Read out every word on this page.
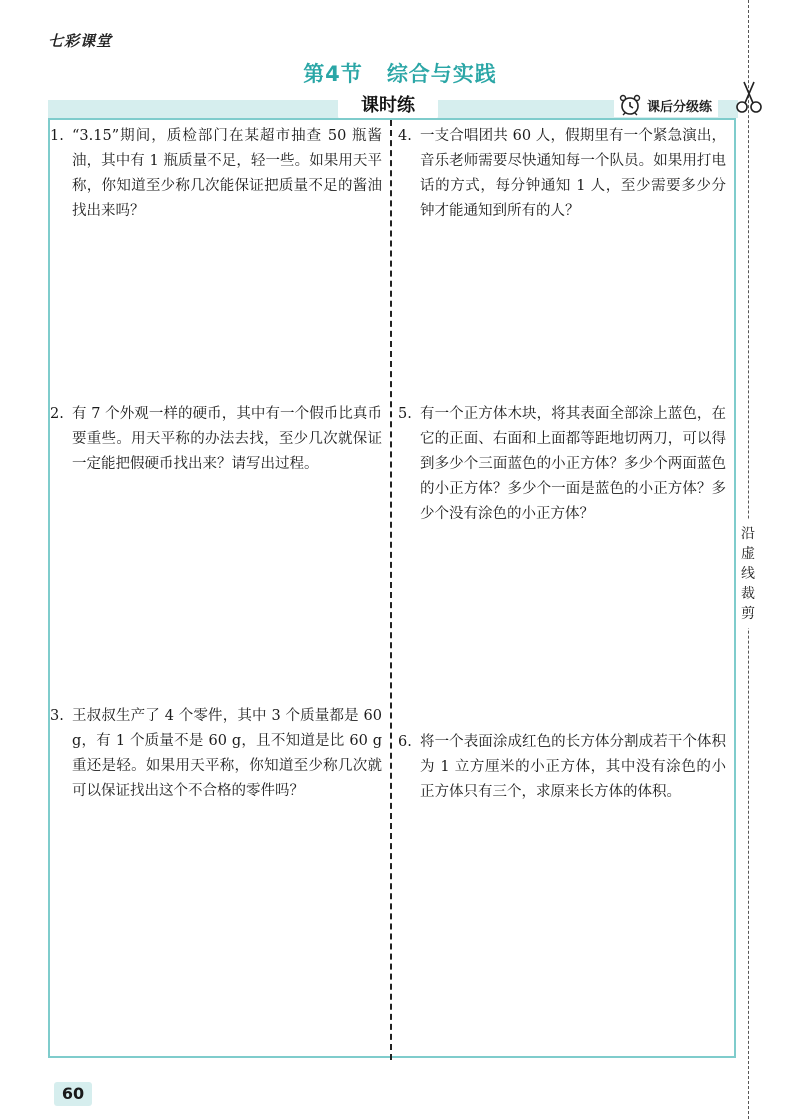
七彩课堂
第4节 综合与实践
课时练	课后分级练
沿虚线裁剪

1. “3.15”期间，质检部门在某超市抽查 50 瓶酱油，其中有 1 瓶质量不足，轻一些。如果用天平称，你知道至少称几次能保证把质量不足的酱油找出来吗？

2. 有 7 个外观一样的硬币，其中有一个假币比真币要重些。用天平称的办法去找，至少几次就保证一定能把假硬币找出来？请写出过程。

3. 王叔叔生产了 4 个零件，其中 3 个质量都是 60 g，有 1 个质量不是 60 g，且不知道是比 60 g 重还是轻。如果用天平称，你知道至少称几次就可以保证找出这个不合格的零件吗？

4. 一支合唱团共 60 人，假期里有一个紧急演出，音乐老师需要尽快通知每一个队员。如果用打电话的方式，每分钟通知 1 人，至少需要多少分钟才能通知到所有的人？

5. 有一个正方体木块，将其表面全部涂上蓝色，在它的正面、右面和上面都等距地切两刀，可以得到多少个三面蓝色的小正方体？多少个两面蓝色的小正方体？多少个一面是蓝色的小正方体？多少个没有涂色的小正方体？

6. 将一个表面涂成红色的长方体分割成若干个体积为 1 立方厘米的小正方体，其中没有涂色的小正方体只有三个，求原来长方体的体积。

60
